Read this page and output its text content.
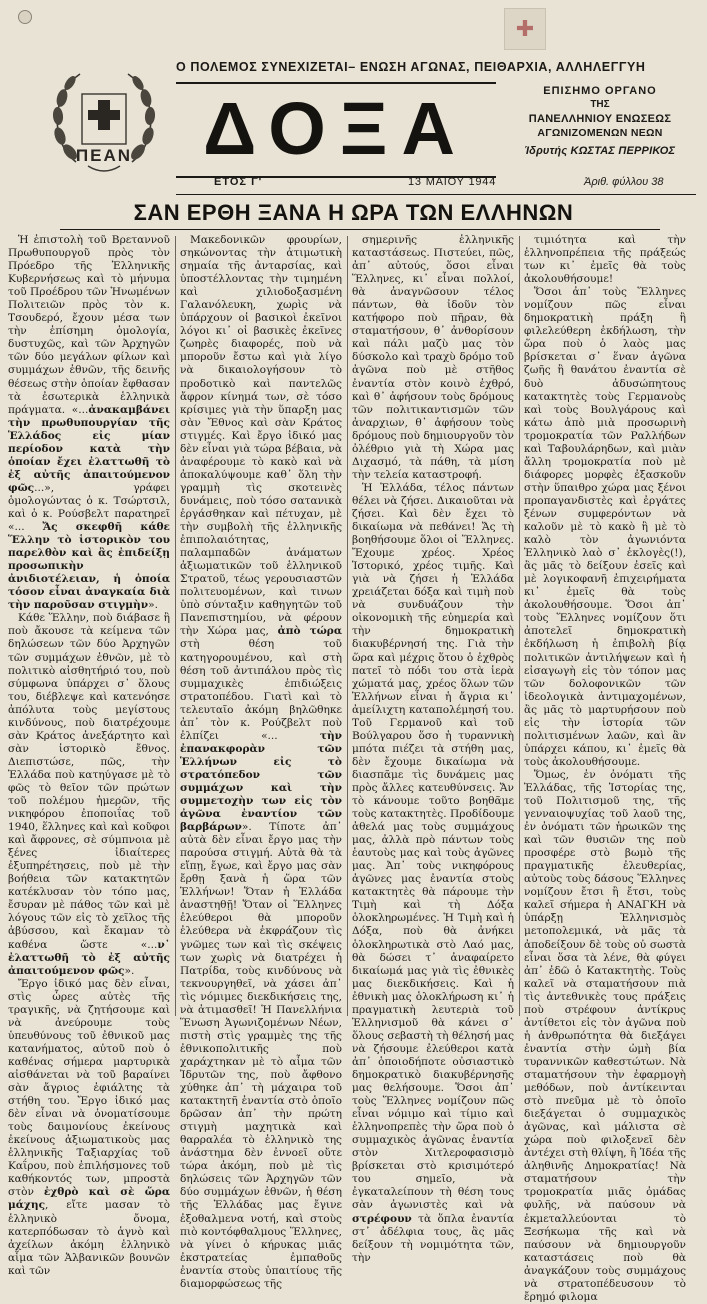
✚
Ο ΠΟΛΕΜΟΣ ΣΥΝΕΧΙΖΕΤΑΙ– ΕΝΩΣΗ ΑΓΩΝΑΣ, ΠΕΙΘΑΡΧΙΑ, ΑΛΛΗΛΕΓΓΥΗ
ΠΕΑΝ ΔΟΞΑ	ΕΠΙΣΗΜΟ ΟΡΓΑΝΟ
ΤΗΣ
ΠΑΝΕΛΛΗΝΙΟΥ ΕΝΩΣΕΩΣ
ΑΓΩΝΙΖΟΜΕΝΩΝ ΝΕΩΝ
Ἱδρυτής ΚΩΣΤΑΣ ΠΕΡΡΙΚΟΣ
ΕΤΟΣ Γ'	13 ΜΑΙΟΥ 1944	Ἀριθ. φύλλου 38
ΣΑΝ ΕΡΘΗ ΞΑΝΑ Η ΩΡΑ ΤΩΝ ΕΛΛΗΝΩΝ

Ἡ ἐπιστολὴ τοῦ Βρεταννοῦ Πρωθυπουργοῦ πρὸς τὸν Πρόεδρο τῆς Ἑλληνικῆς Κυβερνήσεως καὶ τὸ μήνυμα τοῦ Προέδρου τῶν Ἡνωμένων Πολιτειῶν πρὸς τὸν κ. Τσουδερό, ἔχουν μέσα των τὴν ἐπίσημη ὁμολογία, δυστυχῶς, καὶ τῶν Ἀρχηγῶν τῶν δύο μεγάλων φίλων καὶ συμμάχων ἐθνῶν, τῆς δεινῆς θέσεως στὴν ὁποίαν ἔφθασαν τὰ ἐσωτερικὰ ἑλληνικὰ πράγματα. «...ἀνακαμβάνει τὴν πρωθυπουργίαν τῆς Ἑλλάδος εἰς μίαν περίοδον κατὰ τὴν ὁποίαν ἔχει ἐλαττωθῆ τὸ ἐξ αὐτῆς ἀπαιτούμενον φῶς...», γράφει ὁμολογώντας ὁ κ. Τσώρτσιλ, καὶ ὁ κ. Ρούσβελτ παρατηρεῖ «... Ἄς σκεφθῆ κάθε Ἕλλην τὸ ἱστορικὸν του παρελθὸν καὶ ἂς ἐπιδείξῃ προσωπικὴν ἀνιδιοτέλειαν, ἡ ὁποία τόσον εἶναι ἀναγκαία διὰ τὴν παροῦσαν στιγμὴν».

Κάθε Ἕλλην, ποὺ διάβασε ἢ ποὺ ἄκουσε τὰ κείμενα τῶν δηλώσεων τῶν δύο Ἀρχηγῶν τῶν συμμάχων ἐθνῶν, μὲ τὸ πολιτικὸ αἰσθητήριό του, ποὺ σύμφωνα ὑπάρχει σ᾽ ὅλους του, διέβλεψε καὶ κατενόησε ἀπόλυτα τοὺς μεγίστους κινδύνους, ποὺ διατρέχουμε σὰν Κράτος ἀνεξάρτητο καὶ σὰν ἱστορικὸ ἔθνος. Διεπιστώσε, πῶς, τὴν Ἑλλάδα ποὺ κατηύγασε μὲ τὸ φῶς τὸ θεῖον τῶν πρώτων τοῦ πολέμου ἡμερῶν, τῆς νικηφόρου ἐποποιΐας τοῦ 1940, ἕλληνες καὶ καὶ κοῦφοι καὶ ἄφρονες, σὲ σύμπνοια μὲ ξένες ἰδιαίτερες ἐξυπηρέτησεις, ποὺ μὲ τὴν βοήθεια τῶν κατακτητῶν κατέκλυσαν τὸν τόπο μας, ἔσυραν μὲ πάθος τῶν καὶ μὲ λόγους τῶν εἰς τὸ χεῖλος τῆς ἀβύσσου, καὶ ἔκαμαν τὸ καθένα ὥστε «...ν᾽ ἐλαττωθῆ τὸ ἐξ αὐτῆς ἀπαιτούμενον φῶς».

Ἔργο ἰδικό μας δὲν εἶναι, στὶς ὧρες αὐτὲς τῆς τραγικῆς, νὰ ζητήσουμε καὶ νὰ ἀνεύρουμε τοὺς ὑπευθύνους τοῦ ἐθνικοῦ μας κατανήματος, αὐτοῦ ποὺ ὁ καθένας σήμερα μαρτυρικὰ αἰσθάνεται νὰ τοῦ βαραίνει σὰν ἄγριος ἐφιάλτης τὰ στήθη του. Ἔργο ἰδικό μας δὲν εἶναι νὰ ὀνοματίσουμε τοὺς δαιμονίους ἐκείνους ἐκείνους ἀξιωματικοὺς μας ἑλληνικῆς Ταξιαρχίας τοῦ Καΐρου, ποὺ ἐπιλήσμονες τοῦ καθήκοντός των, μπροστὰ στὸν ἐχθρὸ καὶ σὲ ὥρα μάχης, εἴτε μασαν τὸ ἑλληνικὸ ὄνομα, κατερπόδωσαν τὸ ἁγνὸ καὶ ἀχείλων ἀκόμη ἑλληνικὸ αἷμα τῶν Ἀλβανικῶν βουνῶν καὶ τῶν

Μακεδονικῶν φρουρίων, σηκώνοντας τὴν ἀτιμωτικὴ σημαία τῆς ἀνταρσίας, καὶ ὑποστέλλοντας τὴν τιμημένη καὶ χιλιοδοξασμένη Γαλανόλευκη, χωρὶς νὰ ὑπάρχουν οἱ βασικοὶ ἐκεῖνοι λόγοι κι᾽ οἱ βασικὲς ἐκεῖνες ζωηρὲς διαφορές, ποὺ νὰ μποροῦν ἔστω καὶ γιὰ λίγο νὰ δικαιολογήσουν τὸ προδοτικὸ καὶ παντελῶς ἄφρον κίνημά των, σὲ τόσο κρίσιμες γιὰ τὴν ὕπαρξη μας σὰν Ἔθνος καὶ σὰν Κράτος στιγμές. Καὶ ἔργο ἰδικό μας δὲν εἶναι γιὰ τώρα βέβαια, νὰ ἀναφέρουμε τὸ κακὸ καὶ νὰ ἀποκαλύψουμε καθ᾽ ὅλη τὴν γραμμὴ τὶς σκοτεινὲς δυνάμεις, ποὺ τόσο σατανικὰ ἐργάσθηκαν καὶ πέτυχαν, μὲ τὴν συμβολὴ τῆς ἑλληνικῆς ἐπιπολαιότητας, παλαμπαδῶν ἀνάματων ἀξιωματικῶν τοῦ ἑλληνικοῦ Στρατοῦ, τέως γερουσιαστῶν πολιτευομένων, καὶ τινων ὑπὸ σύνταξιν καθηγητῶν τοῦ Πανεπιστημίου, νὰ φέρουν τὴν Χώρα μας, ἀπὸ τώρα στὴ θέση τοῦ κατηγορουμένου, καὶ στὴ θέση τοῦ ἀντιπάλου πρὸς τὶς συμμαχικὲς ἐπιδιώξεις στρατοπέδου. Γιατὶ καὶ τὸ τελευταῖο ἀκόμη βηλῶθηκε ἀπ᾽ τὸν κ. Ρούζβελτ ποὺ ἐλπίζει «... τὴν ἐπανακφορὰν τῶν Ἑλλήνων εἰς τὸ στρατόπεδον τῶν συμμάχων καὶ τὴν συμμετοχὴν των εἰς τὸν ἀγῶνα ἐναντίον τῶν βαρβάρων». Τίποτε ἀπ᾽ αὐτὰ δὲν εἶναι ἔργο μας τὴν παρούσα στιγμή. Αὐτὰ θὰ τὰ εἴπῃ, ἔγωε, καὶ ἔργο μας σὰν ἔρθῃ ξανὰ ἡ ὥρα τῶν Ἑλλήνων! Ὅταν ἡ Ἑλλάδα ἀναστηθῇ! Ὅταν οἱ Ἕλληνες ἐλεύθεροι θὰ μποροῦν ἐλεύθερα νὰ ἐκφράζουν τὶς γνῶμες των καὶ τὶς σκέψεις των χωρὶς νὰ διατρέχει ἡ Πατρίδα, τοὺς κινδύνους νὰ τεκνουργηθεῖ, νὰ χάσει ἀπ᾽ τὶς νόμιμες διεκδικήσεις της, νὰ ἀτιμασθεῖ! Ἡ Πανελλήνια Ἕνωση Ἀγωνιζομένων Νέων, πιστὴ στὶς γραμμὲς της τῆς ἐθνικοπολιτικῆς ποὺ χαράχτηκαν μὲ τὸ αἷμα τῶν Ἰδρυτῶν της, ποὺ ἄφθονο χύθηκε ἀπ᾽ τὴ μάχαιρα τοῦ κατακτητῆ ἐναντία στὸ ὁποῖο δρῶσαν ἀπ᾽ τὴν πρώτη στιγμὴ μαχητικὰ καὶ θαρραλέα τὸ ἑλληνικὸ της ἀνάστημα δὲν ἐννοεῖ οὔτε τώρα ἀκόμη, ποὺ μὲ τὶς δηλώσεις τῶν Ἀρχηγῶν τῶν δύο συμμάχων ἐθνῶν, ἡ θέση τῆς Ἑλλάδας μας ἔγινε ἐξοθαλμενα νοτή, καὶ στοὺς πιὸ κοντόφθαλμους Ἕλληνες, νὰ γίνει ὁ κήρυκας μιᾶς ἐκστρατείας ἐμπαθοῦς ἐναντία στοὺς ὑπαιτίους τῆς διαμορφώσεως τῆς

σημερινῆς ἑλληνικῆς καταστάσεως. Πιστεύει, πῶς, ἀπ᾽ αὐτούς, ὅσοι εἶναι Ἕλληνες, κι᾽ εἶναι πολλοί, θὰ ἀναγνῶσουν τέλος πάντων, θὰ ἰδοῦν τὸν κατήφορο ποὺ πῆραν, θὰ σταματήσουν, θ᾽ ἀνθορίσουν καὶ πάλι μαζὺ μας τὸν δύσκολο καὶ τραχὺ δρόμο τοῦ ἀγῶνα ποὺ μὲ στῆθος ἐναντία στὸν κοινὸ ἐχθρό, καὶ θ᾽ ἀφήσουν τοὺς δρόμους τῶν πολιτικαντισμῶν τῶν ἀναρχιων, θ᾽ ἀφήσουν τοὺς δρόμους ποὺ δημιουργοῦν τὸν ὀλέθριο γιὰ τὴ Χώρα μας Διχασμό, τὰ πάθη, τὰ μίση τὴν τελεία καταστροφή.

Ἡ Ἑλλάδα, τέλος πάντων θέλει νὰ ζήσει. Δικαιοῦται νὰ ζήσει. Καὶ δὲν ἔχει τὸ δικαίωμα νὰ πεθάνει! Ἄς τὴ βοηθήσουμε ὅλοι οἱ Ἕλληνες. Ἔχουμε χρέος. Χρέος Ἱστορικό, χρέος τιμῆς. Καὶ γιὰ νὰ ζήσει ἡ Ἑλλάδα χρειάζεται δόξα καὶ τιμὴ ποὺ νὰ συνδυάζουν τὴν οἰκονομικὴ τῆς εὐημερία καὶ τὴν δημοκρατικὴ διακυβέρνησή της. Γιὰ τὴν ὥρα καὶ μέχρις ὅτου ὁ ἐχθρὸς πατεῖ τὸ πόδι του στὰ ἱερὰ χώματά μας, χρέος ὅλων τῶν Ἑλλήνων εἶναι ἡ ἄγρια κι᾽ ἀμείλιχτη καταπολέμησή του. Τοῦ Γερμανοῦ καὶ τοῦ Βούλγαρου ὅσο ἡ τυραννικὴ μπότα πιέζει τὰ στήθη μας, δὲν ἔχουμε δικαίωμα νὰ διασπᾶμε τὶς δυνάμεις μας πρὸς ἄλλες κατευθύνσεις. Ἄν τὸ κάνουμε τοῦτο βοηθᾶμε τοὺς κατακτητὲς. Προδίδουμε ἀθελά μας τοὺς συμμάχους μας, ἀλλὰ πρὸ πάντων τοὺς ἑαυτοὺς μας καὶ τοὺς ἀγῶνες μας. Ἀπ᾽ τοὺς νικηφόρους ἀγῶνες μας ἐναντία στοὺς κατακτητὲς θὰ πάρουμε τὴν Τιμὴ καὶ τὴ Δόξα ὁλοκληρωμένες. Ἡ Τιμὴ καὶ ἡ Δόξα, ποὺ θὰ ἀνήκει ὁλοκληρωτικὰ στὸ Λαό μας, θὰ δώσει τ᾽ ἀναφαίρετο δικαίωμά μας γιὰ τὶς ἐθνικὲς μας διεκδικήσεις. Καὶ ἡ ἐθνικὴ μας ὁλοκλήρωση κι᾽ ἡ πραγματικὴ λευτεριὰ τοῦ Ἑλληνισμοῦ θὰ κάνει σ᾽ ὅλους σεβαστὴ τὴ θέλησή μας νὰ ζήσουμε ἐλεύθεροι κατὰ ἀπ᾽ ὁποιοδήποτε οὐσιαστικὸ δημοκρατικὸ διακυβέρνησῆς μας θελήσουμε. Ὅσοι ἀπ᾽ τοὺς Ἕλληνες νομίζουν πῶς εἶναι νόμιμο καὶ τίμιο καὶ ἑλληνοπρεπὲς τὴν ὥρα ποὺ ὁ συμμαχικὸς ἀγῶνας ἐναντία στὸν Χιτλεροφασισμὸ βρίσκεται στὸ κρισιμότερό του σημεῖο, νὰ ἐγκαταλείπουν τὴ θέση τους σὰν ἀγωνιστὲς καὶ νὰ στρέφουν τὰ ὅπλα ἐναντία στ᾽ ἀδέλφια τους, ἂς μᾶς δείξουν τὴ νομιμότητα τῶν, τὴν

τιμιότητα καὶ τὴν ἑλληνοπρέπεια τῆς πράξεώς των κι᾽ ἐμεῖς θὰ τοὺς ἀκολουθήσουμε!

Ὅσοι ἀπ᾽ τοὺς Ἕλληνες νομίζουν πῶς εἶναι δημοκρατικὴ πράξη ἢ φιλελεύθερη ἐκδήλωση, τὴν ὥρα ποὺ ὁ λαὸς μας βρίσκεται σ᾽ ἕναν ἀγῶνα ζωῆς ἢ θανάτου ἐναντία σὲ δυὸ ἀδυσώπητους κατακτητὲς τοὺς Γερμανοὺς καὶ τοὺς Βουλγάρους καὶ κάτω ἀπὸ μιὰ προσωρινὴ τρομοκρατία τῶν Ραλλήδων καὶ Ταβουλάρηδων, καὶ μιὰν ἄλλη τρομοκρατία ποὺ μὲ διάφορες μορφὲς ἐξασκοῦν στὴν ὕπαιθρο χώρα μας ξένοι προπαγανδιστὲς καὶ ἐργάτες ξένων συμφερόντων νὰ καλοῦν μὲ τὸ κακὸ ἢ μὲ τὸ καλὸ τὸν ἀγωνιόντα Ἑλληνικὸ λαὸ σ᾽ ἐκλογὲς(!), ἂς μᾶς τὸ δείξουν ἐσεῖς καὶ μὲ λογικοφανῆ ἐπιχειρήματα κι᾽ ἐμεῖς θὰ τοὺς ἀκολουθήσουμε. Ὅσοι ἀπ᾽ τοὺς Ἕλληνες νομίζουν ὅτι ἀποτελεῖ δημοκρατικὴ ἐκδήλωση ἡ ἐπιβολὴ βίᾳ πολιτικῶν ἀντιλήψεων καὶ ἡ εἰσαγωγὴ εἰς τὸν τόπον μας τῶν δολοφονικῶν τῶν ἰδεολογικὰ ἀντιμαχομένων, ἂς μᾶς τὸ μαρτυρήσουν ποὺ εἰς τὴν ἱστορία τῶν πολιτισμένων λαῶν, καὶ ἂν ὑπάρχει κάπου, κι᾽ ἐμεῖς θὰ τοὺς ἀκολουθήσουμε.

Ὅμως, ἐν ὀνόματι τῆς Ἑλλάδας, τῆς Ἱστορίας της, τοῦ Πολιτισμοῦ της, τῆς γενναιοψυχίας τοῦ λαοῦ της, ἐν ὀνόματι τῶν ἡρωικῶν της καὶ τῶν θυσιῶν της ποὺ προσφέρε στὸ βωμὸ τῆς πραγματικῆς ἐλευθερίας, αὐτοὺς τοὺς δάσους Ἕλληνες νομίζουν ἔτσι ἢ ἔτσι, τοὺς καλεῖ σήμερα ἡ ΑΝΑΓΚΗ νὰ ὑπάρξῃ Ἑλληνισμὸς μετοπολεμικά, νὰ μᾶς τὰ ἀποδείξουν δὲ τοὺς οὐ σωστὰ εἶναι ὅσα τὰ λένε, θὰ φύγει ἀπ᾽ ἐδῶ ὁ Κατακτητὴς. Τοὺς καλεῖ νὰ σταματήσουν πιὰ τὶς ἀντεθνικὲς τους πράξεις ποὺ στρέφουν ἀντίκρυς ἀντίθετοι εἰς τὸν ἀγῶνα ποὺ ἡ ἀνθρωπότητα θὰ διεξάγει ἐναντία στὴν ὠμὴ βία τυραννικῶν καθεστώτων. Νὰ σταματήσουν τὴν ἐφαρμογὴ μεθόδων, ποὺ ἀντίκεινται στὸ πνεῦμα μὲ τὸ ὁποῖο διεξάγεται ὁ συμμαχικὸς ἀγῶνας, καὶ μάλιστα σὲ χώρα ποὺ φιλοξενεῖ δὲν ἀντέχει στὴ θλίψη, ἢ Ἰδέα τῆς ἀληθινῆς Δημοκρατίας! Νὰ σταματήσουν τὴν τρομοκρατία μιᾶς ὀμάδας φυλῆς, νὰ παύσουν νὰ ἐκμεταλλεύονται τὸ Ξεσήκωμα τῆς καὶ νὰ παύσουν νὰ δημιουργοῦν καταστάσεις ποὺ θὰ ἀναγκάζουν τοὺς συμμάχους νὰ στρατοπέδευσουν τὸ ἔρημό φιλομα
